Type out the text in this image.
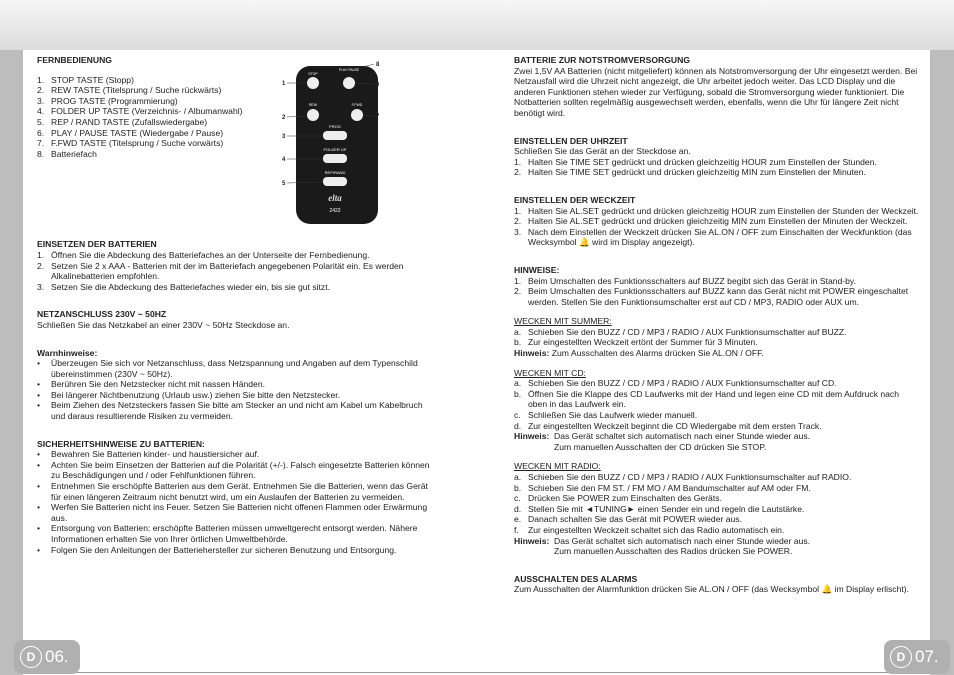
D 06.	D 07.
STOP
PLAY/ PAUSE
REW	F.FWD
PROG
FOLDER UP
REP/RAND
elta
2422
1
2
3
4
5
6
7
8
FERNBEDIENUNG
1. STOP TASTE (Stopp)
2. REW TASTE (Titelsprung / Suche rückwärts)
3. PROG TASTE (Programmierung)
4. FOLDER UP TASTE (Verzeichnis- / Albumanwahl)
5. REP / RAND TASTE (Zufallswiedergabe)
6. PLAY / PAUSE TASTE (Wiedergabe / Pause)
7. F.FWD TASTE (Titelsprung / Suche vorwärts)
8. Batteriefach
EINSETZEN DER BATTERIEN
1. Öffnen Sie die Abdeckung des Batteriefaches an der Unterseite der Fernbedienung.
2. Setzen Sie 2 x AAA - Batterien mit der im Batteriefach angegebenen Polarität ein. Es werden Alkalinebatterien empfohlen.
3. Setzen Sie die Abdeckung des Batteriefaches wieder ein, bis sie gut sitzt.
NETZANSCHLUSS 230V ~ 50HZ

Schließen Sie das Netzkabel an einer 230V ~ 50Hz Steckdose an.

Warnhinweise:
• Überzeugen Sie sich vor Netzanschluss, dass Netzspannung und Angaben auf dem Typenschild übereinstimmen (230V ~ 50Hz).
• Berühren Sie den Netzstecker nicht mit nassen Händen.
• Bei längerer Nichtbenutzung (Urlaub usw.) ziehen Sie bitte den Netzstecker.
• Beim Ziehen des Netzsteckers fassen Sie bitte am Stecker an und nicht am Kabel um Kabelbruch und daraus resultierende Risiken zu vermeiden.
SICHERHEITSHINWEISE ZU BATTERIEN:
• Bewahren Sie Batterien kinder- und haustiersicher auf.
• Achten Sie beim Einsetzen der Batterien auf die Polarität (+/-). Falsch eingesetzte Batterien können zu Beschädigungen und / oder Fehlfunktionen führen.
• Entnehmen Sie erschöpfte Batterien aus dem Gerät. Entnehmen Sie die Batterien, wenn das Gerät für einen längeren Zeitraum nicht benutzt wird, um ein Auslaufen der Batterien zu vermeiden.
• Werfen Sie Batterien nicht ins Feuer. Setzen Sie Batterien nicht offenen Flammen oder Erwärmung aus.
• Entsorgung von Batterien: erschöpfte Batterien müssen umweltgerecht entsorgt werden. Nähere Informationen erhalten Sie von Ihrer örtlichen Umweltbehörde.
• Folgen Sie den Anleitungen der Batteriehersteller zur sicheren Benutzung und Entsorgung.
BATTERIE ZUR NOTSTROMVERSORGUNG

Zwei 1,5V AA Batterien (nicht mitgeliefert) können als Notstromversorgung der Uhr eingesetzt werden. Bei Netzausfall wird die Uhrzeit nicht angezeigt, die Uhr arbeitet jedoch weiter. Das LCD Display und die anderen Funktionen stehen wieder zur Verfügung, sobald die Stromversorgung wieder funktioniert. Die Notbatterien sollten regelmäßig ausgewechselt werden, ebenfalls, wenn die Uhr für längere Zeit nicht benötigt wird.

EINSTELLEN DER UHRZEIT

Schließen Sie das Gerät an der Steckdose an.

1. Halten Sie TIME SET gedrückt und drücken gleichzeitig HOUR zum Einstellen der Stunden.
2. Halten Sie TIME SET gedrückt und drücken gleichzeitig MIN zum Einstellen der Minuten.
EINSTELLEN DER WECKZEIT
1. Halten Sie AL.SET gedrückt und drücken gleichzeitig HOUR zum Einstellen der Stunden der Weckzeit.
2. Halten Sie AL.SET gedrückt und drücken gleichzeitig MIN zum Einstellen der Minuten der Weckzeit.
3. Nach dem Einstellen der Weckzeit drücken Sie AL.ON / OFF zum Einschalten der Weckfunktion (das Wecksymbol 🔔 wird im Display angezeigt).
HINWEISE:
1. Beim Umschalten des Funktionsschalters auf BUZZ begibt sich das Gerät in Stand-by.
2. Beim Umschalten des Funktionsschalters auf BUZZ kann das Gerät nicht mit POWER eingeschaltet werden. Stellen Sie den Funktionsumschalter erst auf CD / MP3, RADIO oder AUX um.

WECKEN MIT SUMMER:

a. Schieben Sie den BUZZ / CD / MP3 / RADIO / AUX Funktionsumschalter auf BUZZ.
b. Zur eingestellten Weckzeit ertönt der Summer für 3 Minuten.

Hinweis: Zum Ausschalten des Alarms drücken Sie AL.ON / OFF.

WECKEN MIT CD:

a. Schieben Sie den BUZZ / CD / MP3 / RADIO / AUX Funktionsumschalter auf CD.
b. Öffnen Sie die Klappe des CD Laufwerks mit der Hand und legen eine CD mit dem Aufdruck nach oben in das Laufwerk ein.
c. Schließen Sie das Laufwerk wieder manuell.
d. Zur eingestellten Weckzeit beginnt die CD Wiedergabe mit dem ersten Track.
Hinweis: Das Gerät schaltet sich automatisch nach einer Stunde wieder aus.
Zum manuellen Ausschalten der CD drücken Sie STOP.

WECKEN MIT RADIO:

a. Schieben Sie den BUZZ / CD / MP3 / RADIO / AUX Funktionsumschalter auf RADIO.
b. Schieben Sie den FM ST. / FM MO / AM Bandumschalter auf AM oder FM.
c. Drücken Sie POWER zum Einschalten des Geräts.
d. Stellen Sie mit ◄TUNING► einen Sender ein und regeln die Lautstärke.
e. Danach schalten Sie das Gerät mit POWER wieder aus.
f. Zur eingestellten Weckzeit schaltet sich das Radio automatisch ein.
Hinweis: Das Gerät schaltet sich automatisch nach einer Stunde wieder aus.
Zum manuellen Ausschalten des Radios drücken Sie POWER.
AUSSCHALTEN DES ALARMS

Zum Ausschalten der Alarmfunktion drücken Sie AL.ON / OFF (das Wecksymbol 🔔 im Display erlischt).
